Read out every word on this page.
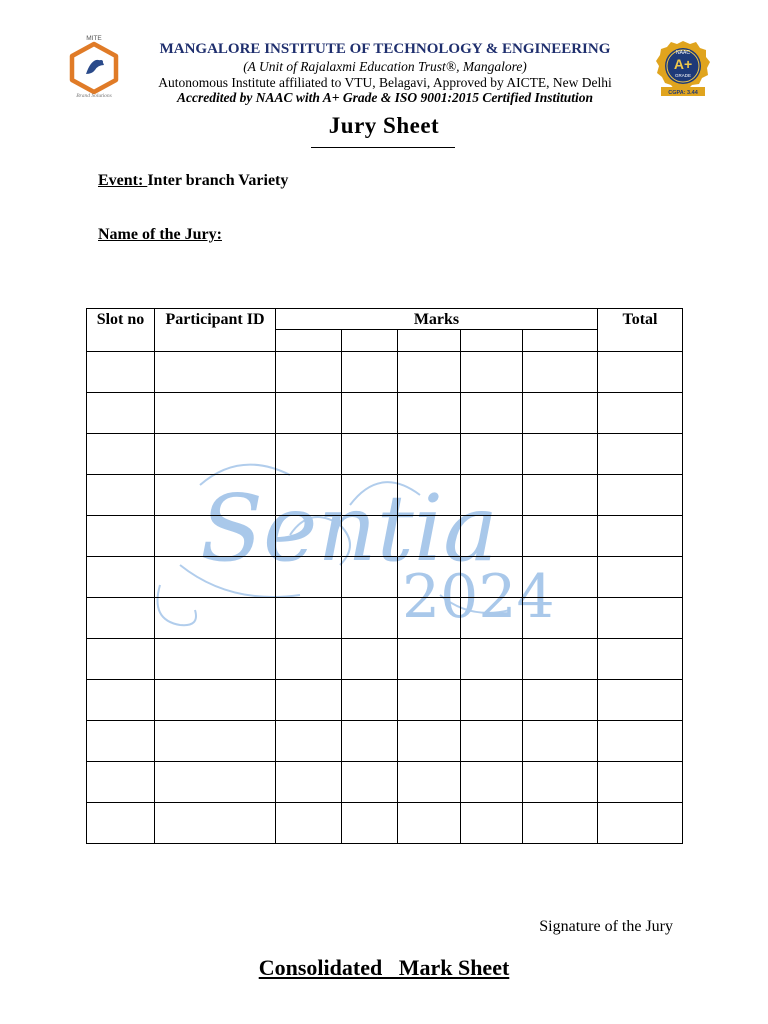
MITE
Brand Solutions
MANGALORE INSTITUTE OF TECHNOLOGY & ENGINEERING
(A Unit of Rajalaxmi Education Trust®, Mangalore)
Autonomous Institute affiliated to VTU, Belagavi, Approved by AICTE, New Delhi
Accredited by NAAC with A+ Grade & ISO 9001:2015 Certified Institution
NAAC
A+
GRADE
CGPA: 3.44
Jury Sheet
Event: Inter branch Variety
Name of the Jury:
Sentia
2024
Slot no	Participant ID	Marks					Total

Signature of the Jury
Consolidated   Mark Sheet
